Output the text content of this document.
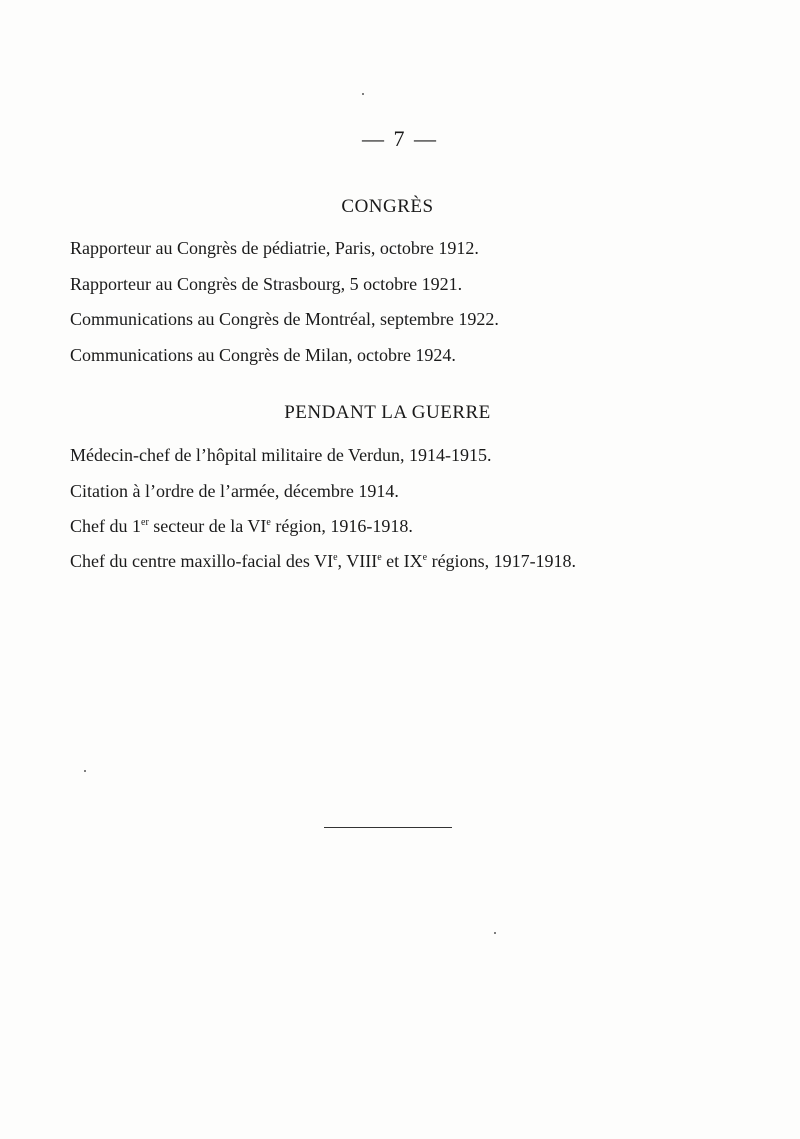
— 7 —
CONGRÈS
Rapporteur au Congrès de pédiatrie, Paris, octobre 1912.
Rapporteur au Congrès de Strasbourg, 5 octobre 1921.
Communications au Congrès de Montréal, septembre 1922.
Communications au Congrès de Milan, octobre 1924.
PENDANT LA GUERRE
Médecin-chef de l’hôpital militaire de Verdun, 1914-1915.
Citation à l’ordre de l’armée, décembre 1914.
Chef du 1er secteur de la VIe région, 1916-1918.
Chef du centre maxillo-facial des VIe, VIIIe et IXe régions, 1917-1918.
